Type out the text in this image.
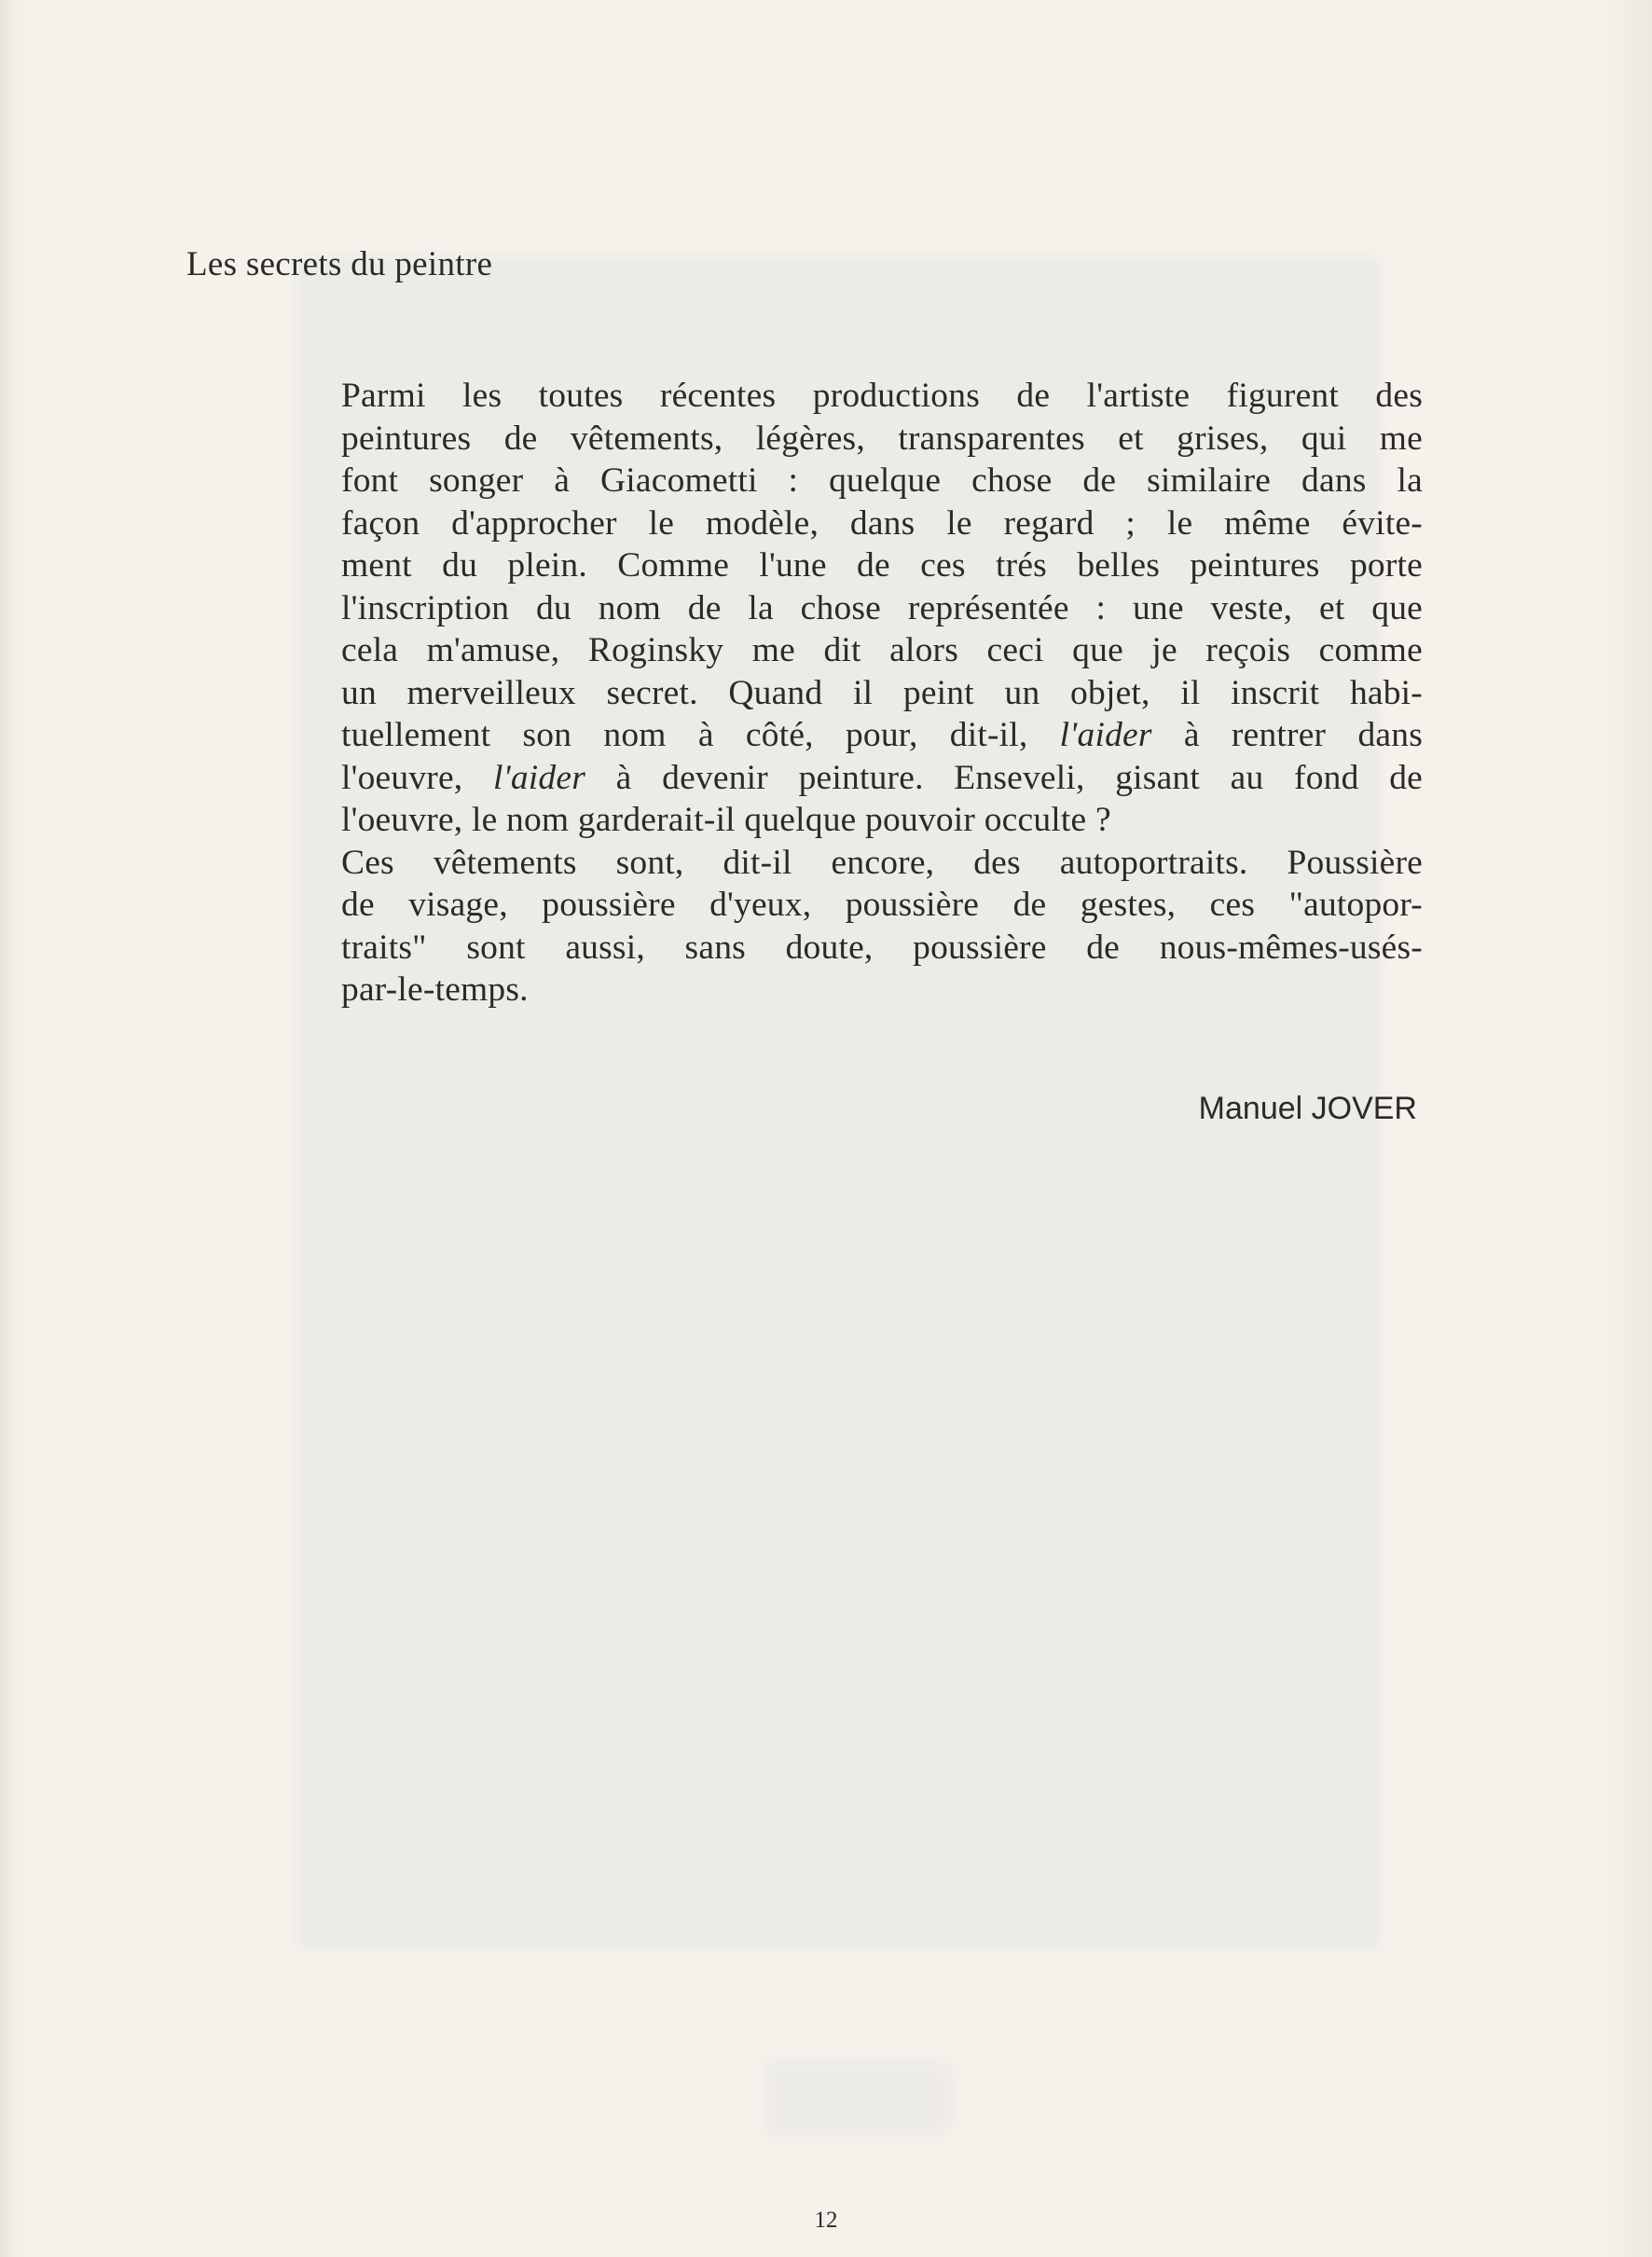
Les secrets du peintre
Parmi les toutes récentes productions de l'artiste figurent des
peintures de vêtements, légères, transparentes et grises, qui me
font songer à Giacometti : quelque chose de similaire dans la
façon d'approcher le modèle, dans le regard ; le même évite-
ment du plein. Comme l'une de ces trés belles peintures porte
l'inscription du nom de la chose représentée : une veste, et que
cela m'amuse, Roginsky me dit alors ceci que je reçois comme
un merveilleux secret. Quand il peint un objet, il inscrit habi-
tuellement son nom à côté, pour, dit-il, l'aider à rentrer dans
l'oeuvre, l'aider à devenir peinture. Enseveli, gisant au fond de
l'oeuvre, le nom garderait-il quelque pouvoir occulte ?
Ces vêtements sont, dit-il encore, des autoportraits. Poussière
de visage, poussière d'yeux, poussière de gestes, ces "autopor-
traits" sont aussi, sans doute, poussière de nous-mêmes-usés-
par-le-temps.
Manuel JOVER
12
